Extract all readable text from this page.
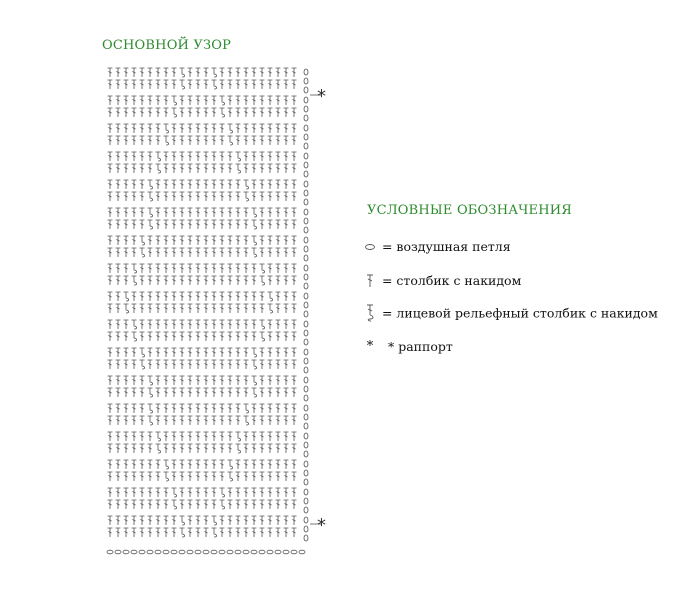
ОСНОВНОЙ УЗОР
*
*
УСЛОВНЫЕ ОБОЗНАЧЕНИЯ
= воздушная петля
= столбик с накидом
= лицевой рельефный столбик с накидом
* * раппорт
